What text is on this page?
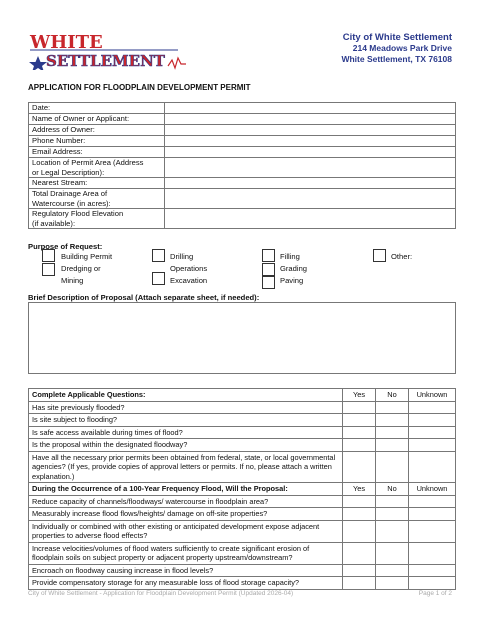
WHITE
SETTLEMENT
City of White Settlement
214 Meadows Park Drive
White Settlement, TX 76108
APPLICATION FOR FLOODPLAIN DEVELOPMENT PERMIT
Date:	
Name of Owner or Applicant:	
Address of Owner:	
Phone Number:	
Email Address:	
Location of Permit Area (Address
or Legal Description):	
Nearest Stream:	
Total Drainage Area of
Watercourse (in acres):	
Regulatory Flood Elevation
(if available):	
Purpose of Request:
Building Permit
Dredging or
Mining
Drilling
Operations
Excavation
Filling
Grading
Paving
Other:
Brief Description of Proposal (Attach separate sheet, if needed):
Complete Applicable Questions:	Yes	No	Unknown
Has site previously flooded?			
Is site subject to flooding?			
Is safe access available during times of flood?			
Is the proposal within the designated floodway?			
Have all the necessary prior permits been obtained from federal, state, or local governmental agencies? (If yes, provide copies of approval letters or permits. If no, please attach a written explanation.)			
During the Occurrence of a 100-Year Frequency Flood, Will the Proposal:	Yes	No	Unknown
Reduce capacity of channels/floodways/ watercourse in floodplain area?			
Measurably increase flood flows/heights/ damage on off-site properties?			
Individually or combined with other existing or anticipated development expose adjacent properties to adverse flood effects?			
Increase velocities/volumes of flood waters sufficiently to create significant erosion of floodplain soils on subject property or adjacent property upstream/downstream?			
Encroach on floodway causing increase in flood levels?			
Provide compensatory storage for any measurable loss of flood storage capacity?			
City of White Settlement - Application for Floodplain Development Permit (Updated 2026-04)	Page 1 of 2
